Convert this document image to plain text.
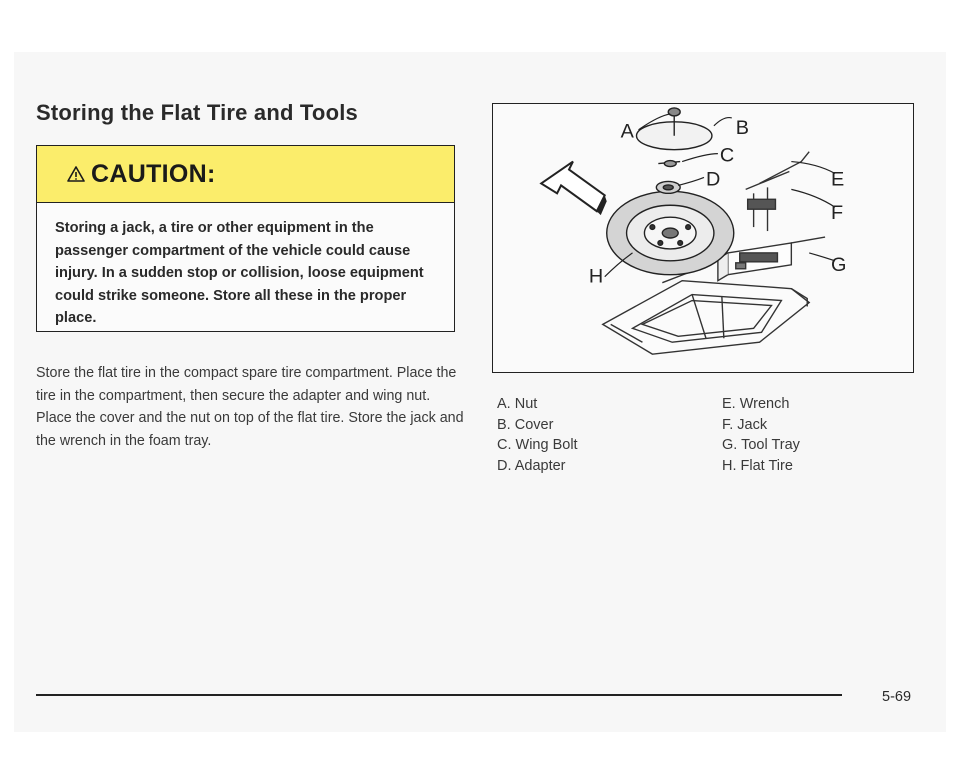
Storing the Flat Tire and Tools
CAUTION:

Storing a jack, a tire or other equipment in the passenger compartment of the vehicle could cause injury. In a sudden stop or collision, loose equipment could strike someone. Store all these in the proper place.

Store the flat tire in the compact spare tire compartment. Place the tire in the compartment, then secure the adapter and wing nut. Place the cover and the nut on top of the flat tire. Store the jack and the wrench in the foam tray.

A	B
C
D	E
F
G
H
A. Nut
B. Cover
C. Wing Bolt
D. Adapter
E. Wrench
F. Jack
G. Tool Tray
H. Flat Tire
5-69
